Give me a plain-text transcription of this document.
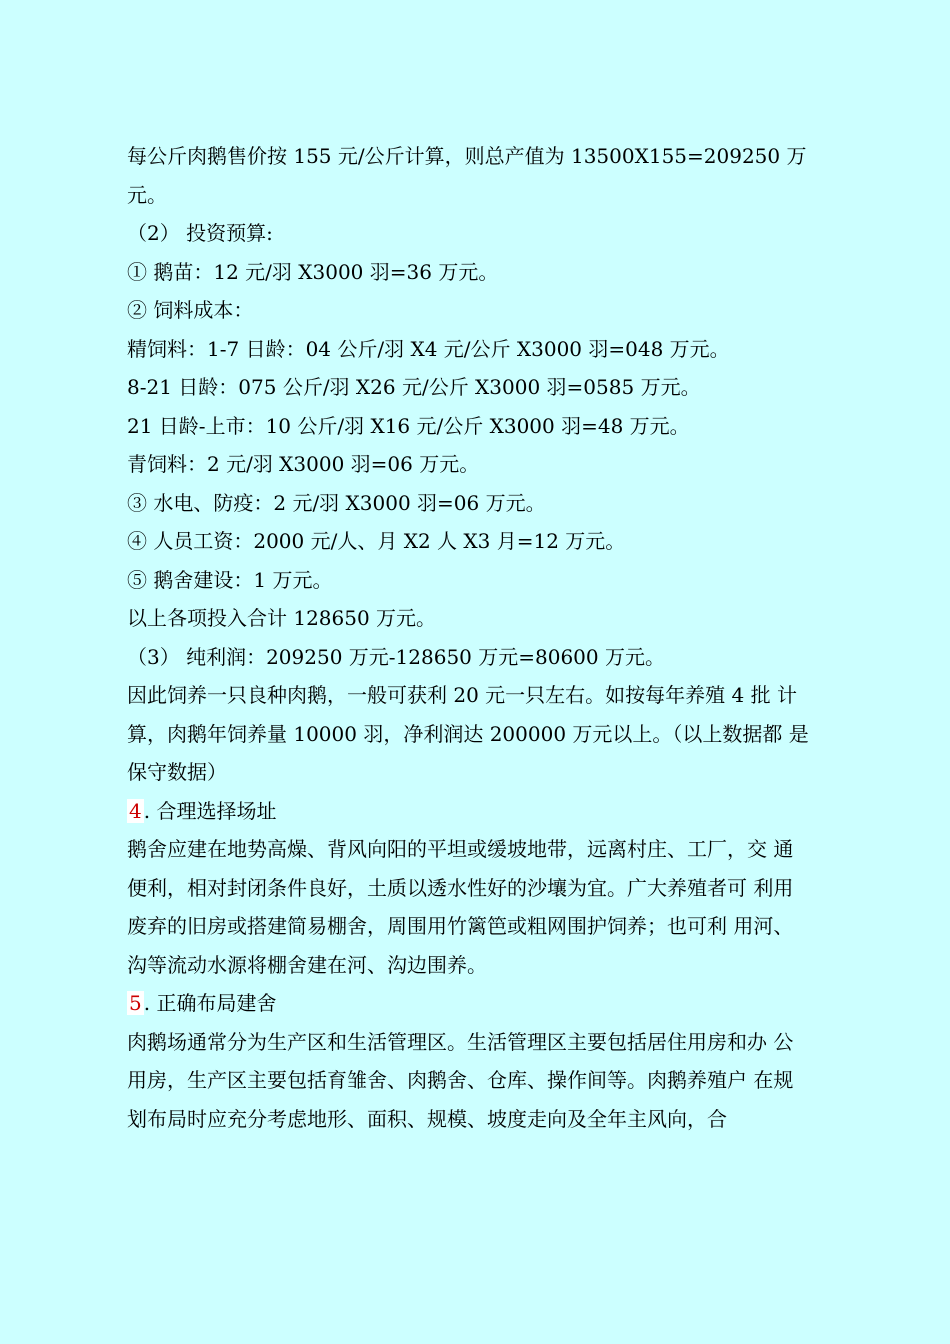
每公斤肉鹅售价按 155 元/公斤计算，则总产值为 13500X155=209250 万
元。
（2） 投资预算:
① 鹅苗：12 元/羽 X3000 羽=36 万元。
② 饲料成本：
精饲料：1-7 日龄：04 公斤/羽 X4 元/公斤 X3000 羽=048 万元。
8-21 日龄：075 公斤/羽 X26 元/公斤 X3000 羽=0585 万元。
21 日龄-上市：10 公斤/羽 X16 元/公斤 X3000 羽=48 万元。
青饲料：2 元/羽 X3000 羽=06 万元。
③ 水电、防疫：2 元/羽 X3000 羽=06 万元。
④ 人员工资：2000 元/人、月 X2 人 X3 月=12 万元。
⑤ 鹅舍建设：1 万元。
以上各项投入合计 128650 万元。
（3） 纯利润：209250 万元-128650 万元=80600 万元。
因此饲养一只良种肉鹅，一般可获利 20 元一只左右。如按每年养殖 4 批 计
算，肉鹅年饲养量 10000 羽，净利润达 200000 万元以上。（以上数据都 是
保守数据）
4 . 合理选择场址
鹅舍应建在地势高燥、背风向阳的平坦或缓坡地带，远离村庄、工厂，交 通
便利，相对封闭条件良好，土质以透水性好的沙壤为宜。广大养殖者可 利用
废弃的旧房或搭建简易棚舍，周围用竹篱笆或粗网围护饲养；也可利 用河、
沟等流动水源将棚舍建在河、沟边围养。
5 . 正确布局建舍
肉鹅场通常分为生产区和生活管理区。生活管理区主要包括居住用房和办 公
用房，生产区主要包括育雏舍、肉鹅舍、仓库、操作间等。肉鹅养殖户 在规
划布局时应充分考虑地形、面积、规模、坡度走向及全年主风向，合
